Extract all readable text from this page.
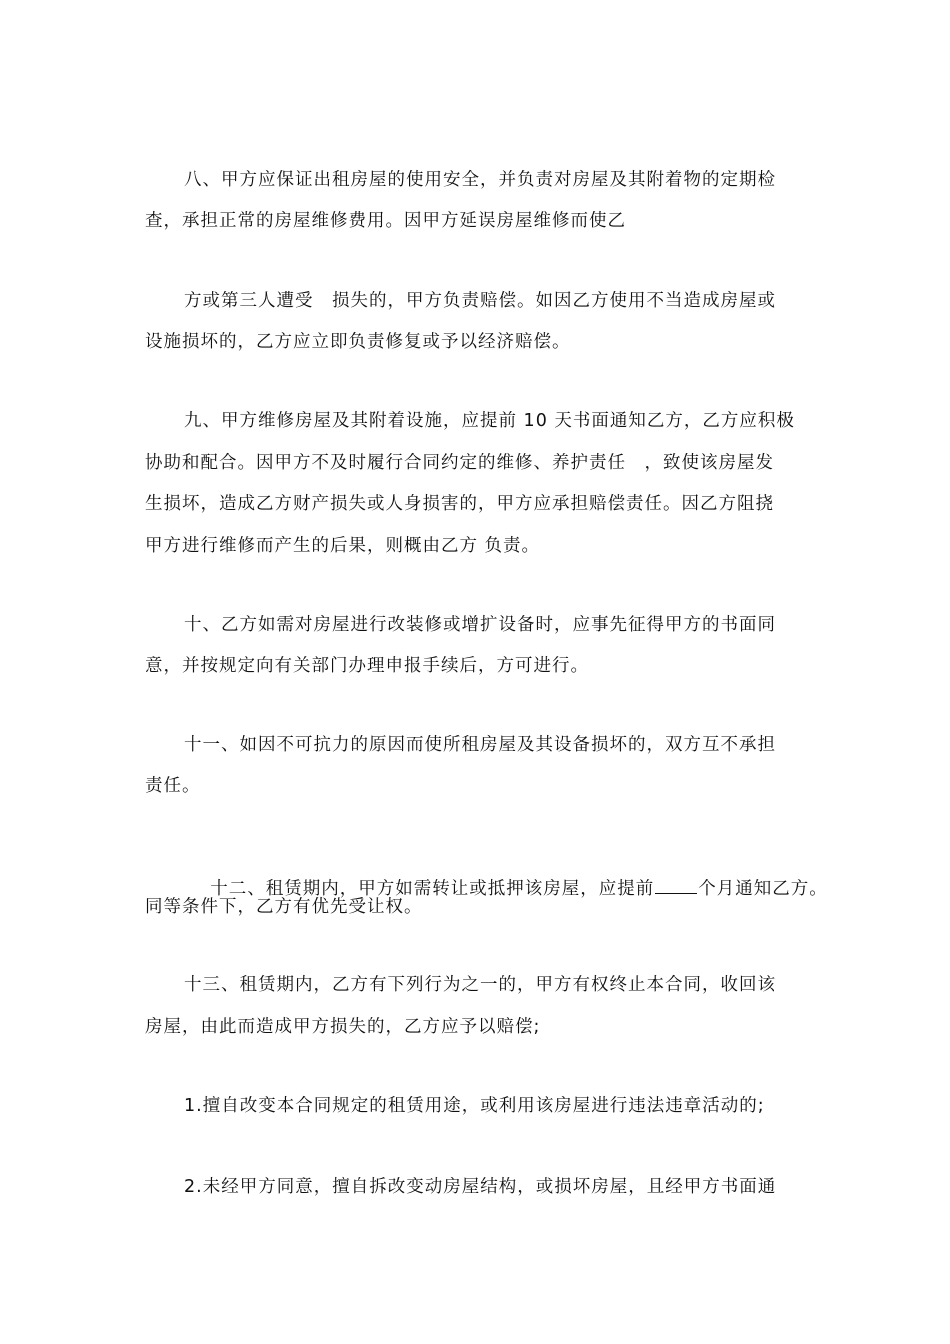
八、甲方应保证出租房屋的使用安全，并负责对房屋及其附着物的定期检
查，承担正常的房屋维修费用。因甲方延误房屋维修而使乙
方或第三人遭受　损失的，甲方负责赔偿。如因乙方使用不当造成房屋或
设施损坏的，乙方应立即负责修复或予以经济赔偿。
九、甲方维修房屋及其附着设施，应提前 10 天书面通知乙方，乙方应积极
协助和配合。因甲方不及时履行合同约定的维修、养护责任　，致使该房屋发
生损坏，造成乙方财产损失或人身损害的，甲方应承担赔偿责任。因乙方阻挠
甲方进行维修而产生的后果，则概由乙方 负责。
十、乙方如需对房屋进行改装修或增扩设备时，应事先征得甲方的书面同
意，并按规定向有关部门办理申报手续后，方可进行。
十一、如因不可抗力的原因而使所租房屋及其设备损坏的，双方互不承担
责任。

十二、租赁期内，甲方如需转让或抵押该房屋，应提前	个月通知乙方。

同等条件下，乙方有优先受让权。
十三、租赁期内，乙方有下列行为之一的，甲方有权终止本合同，收回该
房屋，由此而造成甲方损失的，乙方应予以赔偿;
1.擅自改变本合同规定的租赁用途，或利用该房屋进行违法违章活动的;
2.未经甲方同意，擅自拆改变动房屋结构，或损坏房屋，且经甲方书面通
